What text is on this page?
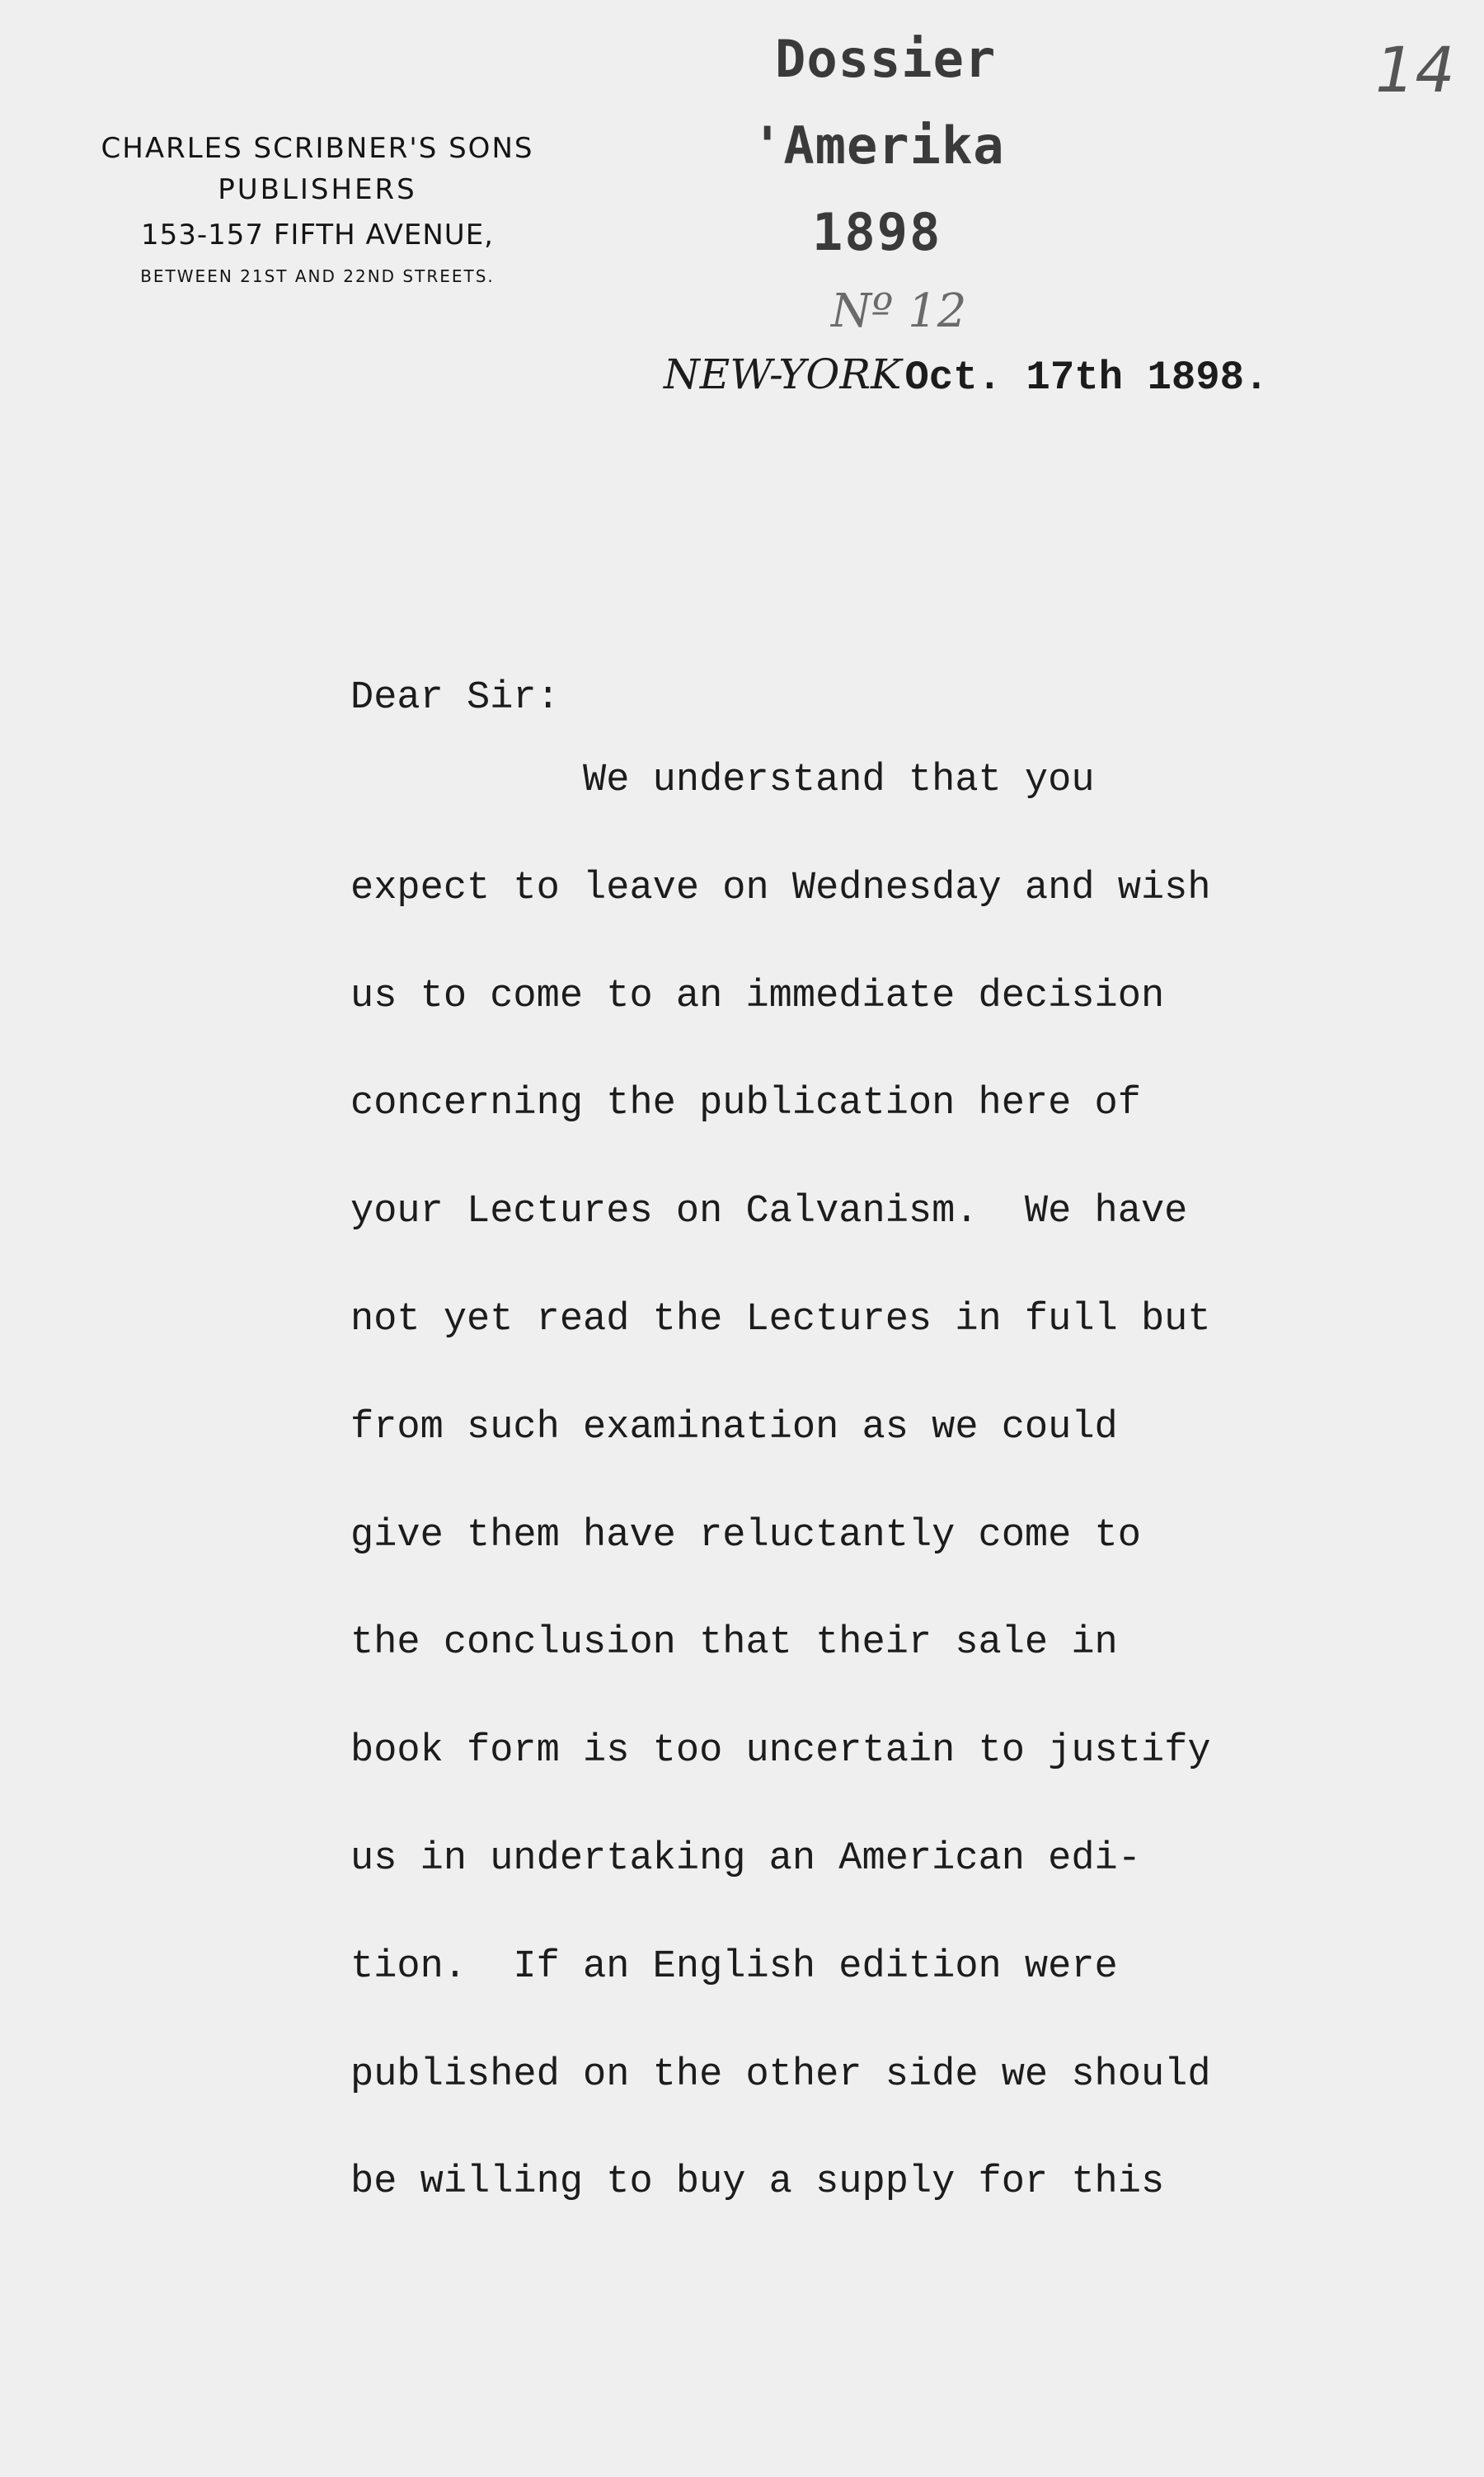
CHARLES SCRIBNER'S SONS
PUBLISHERS
153-157 FIFTH AVENUE,
BETWEEN 21ST AND 22ND STREETS.
Dossier
'Amerika
1898
Nº 12
14
NEW-YORK Oct. 17th 1898.

Dear Sir:

We understand that you
expect to leave on Wednesday and wish
us to come to an immediate decision
concerning the publication here of
your Lectures on Calvanism.  We have
not yet read the Lectures in full but
from such examination as we could
give them have reluctantly come to
the conclusion that their sale in
book form is too uncertain to justify
us in undertaking an American edi-
tion.  If an English edition were
published on the other side we should
be willing to buy a supply for this
